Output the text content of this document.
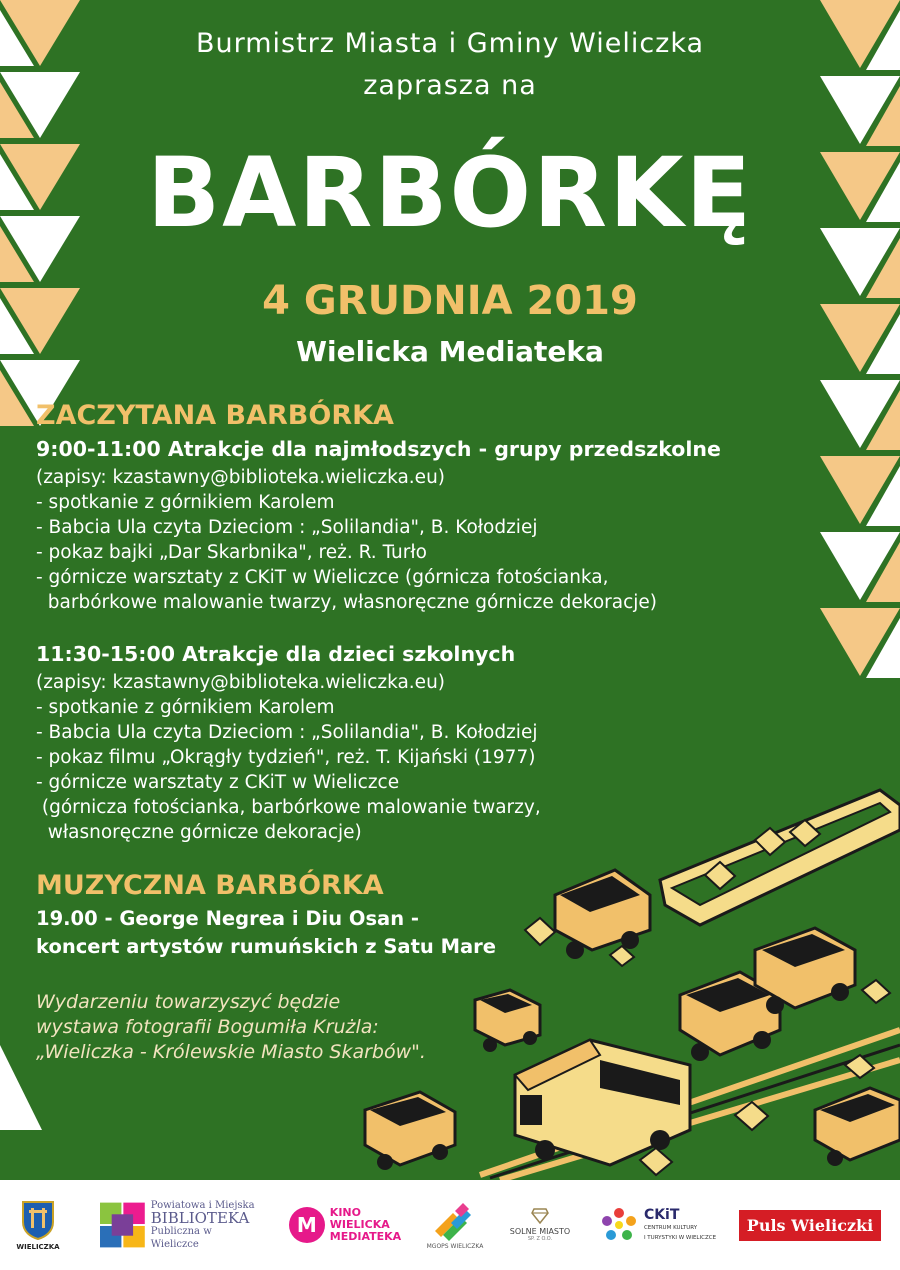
Burmistrz Miasta i Gminy Wieliczka
zaprasza na
BARBÓRKĘ
4 GRUDNIA 2019
Wielicka Mediateka
ZACZYTANA BARBÓRKA
9:00-11:00 Atrakcje dla najmłodszych - grupy przedszkolne
(zapisy: kzastawny@biblioteka.wieliczka.eu)
- spotkanie z górnikiem Karolem
- Babcia Ula czyta Dzieciom : „Solilandia", B. Kołodziej
- pokaz bajki „Dar Skarbnika", reż. R. Turło
- górnicze warsztaty z CKiT w Wieliczce (górnicza fotościanka,
barbórkowe malowanie twarzy, własnoręczne górnicze dekoracje)
11:30-15:00 Atrakcje dla dzieci szkolnych
(zapisy: kzastawny@biblioteka.wieliczka.eu)
- spotkanie z górnikiem Karolem
- Babcia Ula czyta Dzieciom : „Solilandia", B. Kołodziej
- pokaz filmu „Okrągły tydzień", reż. T. Kijański (1977)
- górnicze warsztaty z CKiT w Wieliczce
(górnicza fotościanka, barbórkowe malowanie twarzy,
własnoręczne górnicze dekoracje)
MUZYCZNA BARBÓRKA
19.00 - George Negrea i Diu Osan -
koncert artystów rumuńskich z Satu Mare
Wydarzeniu towarzyszyć będzie
wystawa fotografii Bogumiła Krużla:
„Wieliczka - Królewskie Miasto Skarbów".
WIELICZKA
Powiatowa i Miejska
BIBLIOTEKA
Publiczna w Wieliczce
M
KINO
WIELICKA
MEDIATEKA
MGOPS WIELICZKA
SOLNE MIASTO
SP. Z O.O.
CKiT
CENTRUM KULTURY
I TURYSTYKI W WIELICZCE
Puls Wieliczki
